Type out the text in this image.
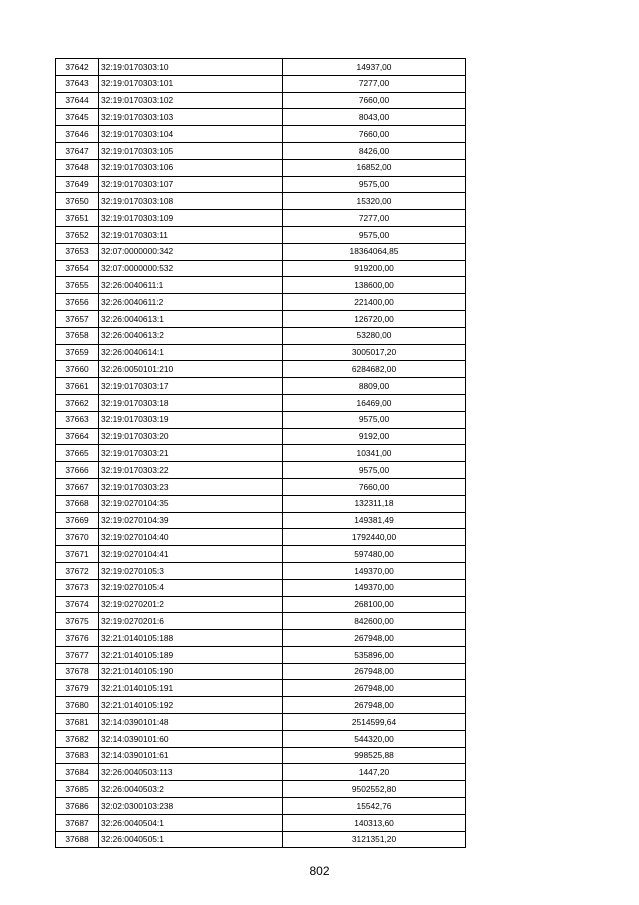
37642	32:19:0170303:10	14937,00
37643	32:19:0170303:101	7277,00
37644	32:19:0170303:102	7660,00
37645	32:19:0170303:103	8043,00
37646	32:19:0170303:104	7660,00
37647	32:19:0170303:105	8426,00
37648	32:19:0170303:106	16852,00
37649	32:19:0170303:107	9575,00
37650	32:19:0170303:108	15320,00
37651	32:19:0170303:109	7277,00
37652	32:19:0170303:11	9575,00
37653	32:07:0000000:342	18364064,85
37654	32:07:0000000:532	919200,00
37655	32:26:0040611:1	138600,00
37656	32:26:0040611:2	221400,00
37657	32:26:0040613:1	126720,00
37658	32:26:0040613:2	53280,00
37659	32:26:0040614:1	3005017,20
37660	32:26:0050101:210	6284682,00
37661	32:19:0170303:17	8809,00
37662	32:19:0170303:18	16469,00
37663	32:19:0170303:19	9575,00
37664	32:19:0170303:20	9192,00
37665	32:19:0170303:21	10341,00
37666	32:19:0170303:22	9575,00
37667	32:19:0170303:23	7660,00
37668	32:19:0270104:35	132311,18
37669	32:19:0270104:39	149381,49
37670	32:19:0270104:40	1792440,00
37671	32:19:0270104:41	597480,00
37672	32:19:0270105:3	149370,00
37673	32:19:0270105:4	149370,00
37674	32:19:0270201:2	268100,00
37675	32:19:0270201:6	842600,00
37676	32:21:0140105:188	267948,00
37677	32:21:0140105:189	535896,00
37678	32:21:0140105:190	267948,00
37679	32:21:0140105:191	267948,00
37680	32:21:0140105:192	267948,00
37681	32:14:0390101:48	2514599,64
37682	32:14:0390101:60	544320,00
37683	32:14:0390101:61	998525,88
37684	32:26:0040503:113	1447,20
37685	32:26:0040503:2	9502552,80
37686	32:02:0300103:238	15542,76
37687	32:26:0040504:1	140313,60
37688	32:26:0040505:1	3121351,20
802
